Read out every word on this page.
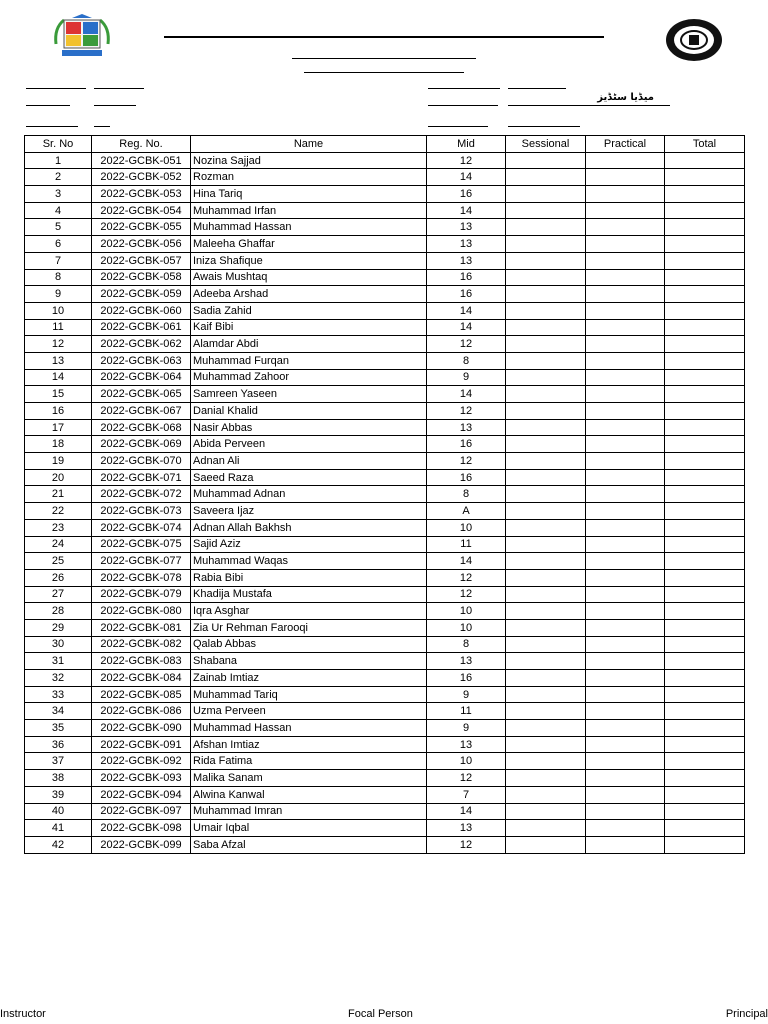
میڈیا سٹڈیز
Sr. No	Reg. No.	Name	Mid	Sessional	Practical	Total
1	2022-GCBK-051	Nozina Sajjad	12			
2	2022-GCBK-052	Rozman	14			
3	2022-GCBK-053	Hina Tariq	16			
4	2022-GCBK-054	Muhammad Irfan	14			
5	2022-GCBK-055	Muhammad Hassan	13			
6	2022-GCBK-056	Maleeha Ghaffar	13			
7	2022-GCBK-057	Iniza Shafique	13			
8	2022-GCBK-058	Awais Mushtaq	16			
9	2022-GCBK-059	Adeeba Arshad	16			
10	2022-GCBK-060	Sadia Zahid	14			
11	2022-GCBK-061	Kaif Bibi	14			
12	2022-GCBK-062	Alamdar Abdi	12			
13	2022-GCBK-063	Muhammad Furqan	8			
14	2022-GCBK-064	Muhammad Zahoor	9			
15	2022-GCBK-065	Samreen Yaseen	14			
16	2022-GCBK-067	Danial Khalid	12			
17	2022-GCBK-068	Nasir Abbas	13			
18	2022-GCBK-069	Abida Perveen	16			
19	2022-GCBK-070	Adnan Ali	12			
20	2022-GCBK-071	Saeed Raza	16			
21	2022-GCBK-072	Muhammad Adnan	8			
22	2022-GCBK-073	Saveera Ijaz	A			
23	2022-GCBK-074	Adnan Allah Bakhsh	10			
24	2022-GCBK-075	Sajid Aziz	11			
25	2022-GCBK-077	Muhammad Waqas	14			
26	2022-GCBK-078	Rabia Bibi	12			
27	2022-GCBK-079	Khadija Mustafa	12			
28	2022-GCBK-080	Iqra Asghar	10			
29	2022-GCBK-081	Zia Ur Rehman Farooqi	10			
30	2022-GCBK-082	Qalab Abbas	8			
31	2022-GCBK-083	Shabana	13			
32	2022-GCBK-084	Zainab Imtiaz	16			
33	2022-GCBK-085	Muhammad Tariq	9			
34	2022-GCBK-086	Uzma Perveen	11			
35	2022-GCBK-090	Muhammad Hassan	9			
36	2022-GCBK-091	Afshan Imtiaz	13			
37	2022-GCBK-092	Rida Fatima	10			
38	2022-GCBK-093	Malika Sanam	12			
39	2022-GCBK-094	Alwina Kanwal	7			
40	2022-GCBK-097	Muhammad Imran	14			
41	2022-GCBK-098	Umair Iqbal	13			
42	2022-GCBK-099	Saba Afzal	12			
Instructor	Focal Person	Principal
